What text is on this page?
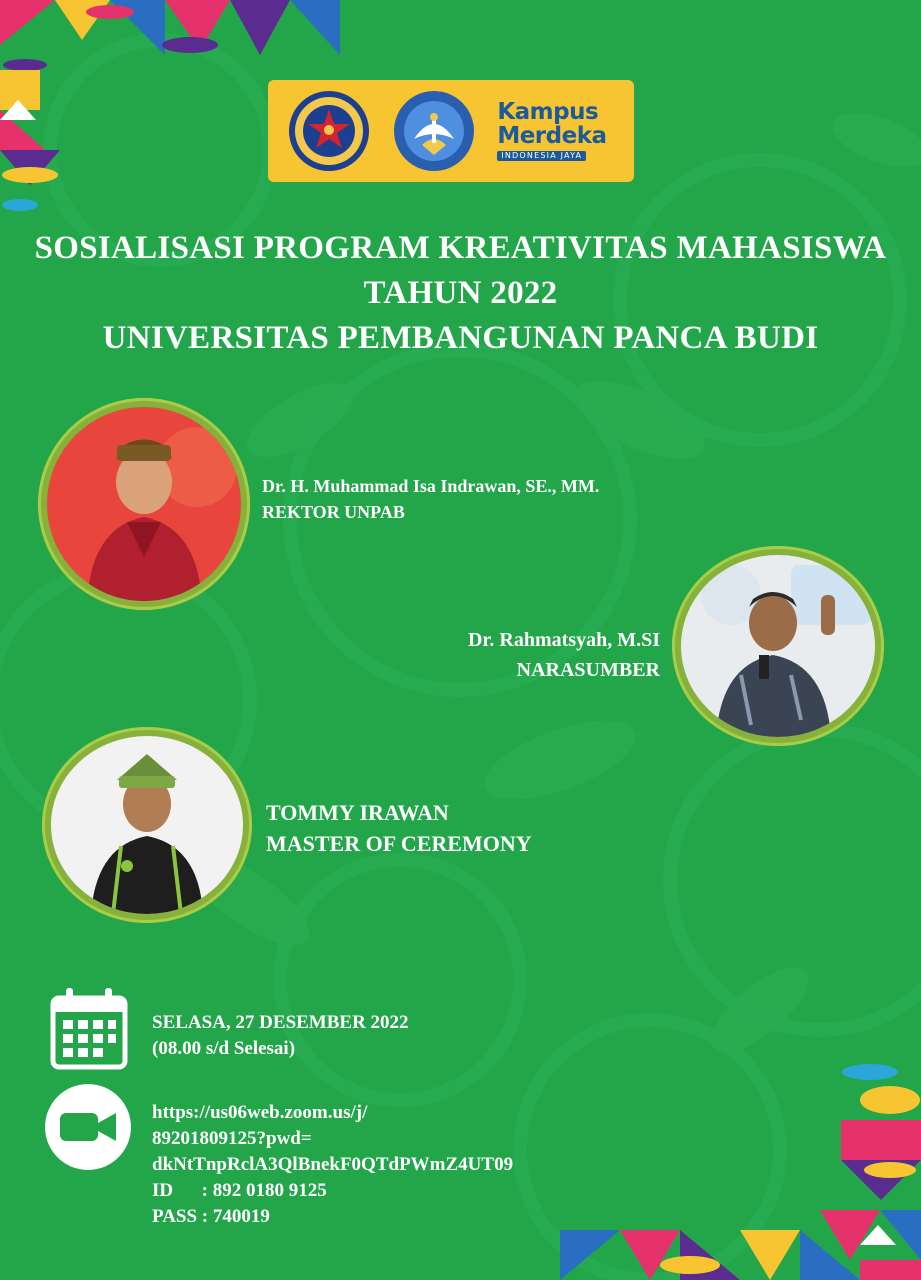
Kampus
Merdeka
INDONESIA JAYA
SOSIALISASI PROGRAM KREATIVITAS MAHASISWA
TAHUN 2022
UNIVERSITAS PEMBANGUNAN PANCA BUDI
Dr. H. Muhammad Isa Indrawan, SE., MM.
REKTOR UNPAB
Dr. Rahmatsyah, M.SI
NARASUMBER
TOMMY IRAWAN
MASTER OF CEREMONY
SELASA, 27 DESEMBER 2022
(08.00 s/d Selesai)
https://us06web.zoom.us/j/
89201809125?pwd=
dkNtTnpRclA3QlBnekF0QTdPWmZ4UT09
ID      : 892 0180 9125
PASS : 740019
